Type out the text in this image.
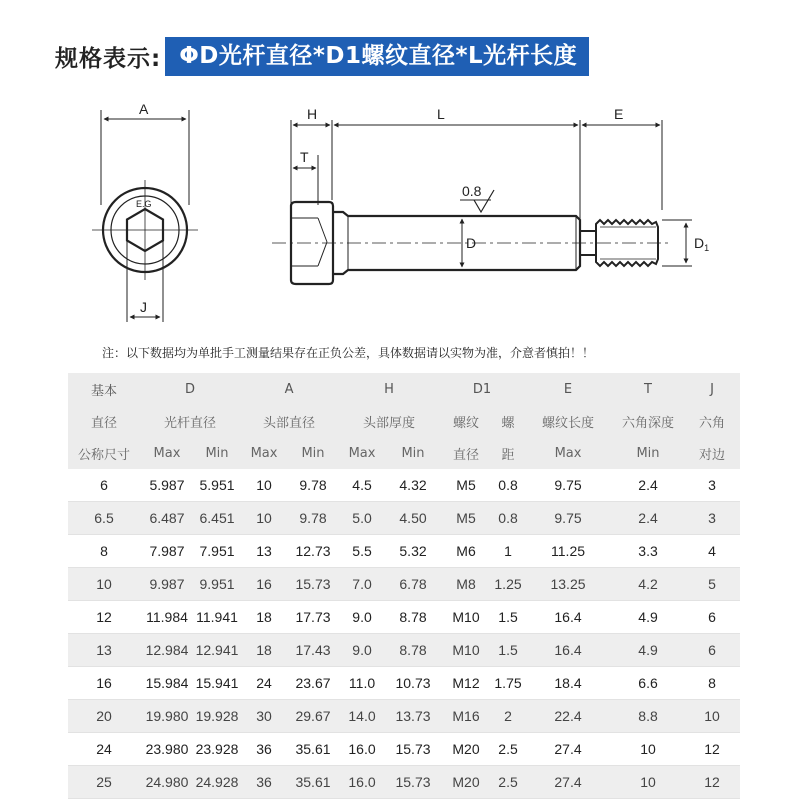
规格表示: ΦD光杆直径*D1螺纹直径*L光杆长度
A
E.G
J
H	L	E
T
0.8
D	$D_1$
注：以下数据均为单批手工测量结果存在正负公差，具体数据请以实物为准，介意者慎拍！！
基本	D		A		H		D1		E	T	J
直径	光杆直径		头部直径		头部厚度		螺纹	螺	螺纹长度	六角深度	六角
公称尺寸	Max	Min	Max	Min	Max	Min	直径	距	Max	Min	对边
6	5.987	5.951	10	9.78	4.5	4.32	M5	0.8	9.75	2.4	3
6.5	6.487	6.451	10	9.78	5.0	4.50	M5	0.8	9.75	2.4	3
8	7.987	7.951	13	12.73	5.5	5.32	M6	1	11.25	3.3	4
10	9.987	9.951	16	15.73	7.0	6.78	M8	1.25	13.25	4.2	5
12	11.984	11.941	18	17.73	9.0	8.78	M10	1.5	16.4	4.9	6
13	12.984	12.941	18	17.43	9.0	8.78	M10	1.5	16.4	4.9	6
16	15.984	15.941	24	23.67	11.0	10.73	M12	1.75	18.4	6.6	8
20	19.980	19.928	30	29.67	14.0	13.73	M16	2	22.4	8.8	10
24	23.980	23.928	36	35.61	16.0	15.73	M20	2.5	27.4	10	12
25	24.980	24.928	36	35.61	16.0	15.73	M20	2.5	27.4	10	12
